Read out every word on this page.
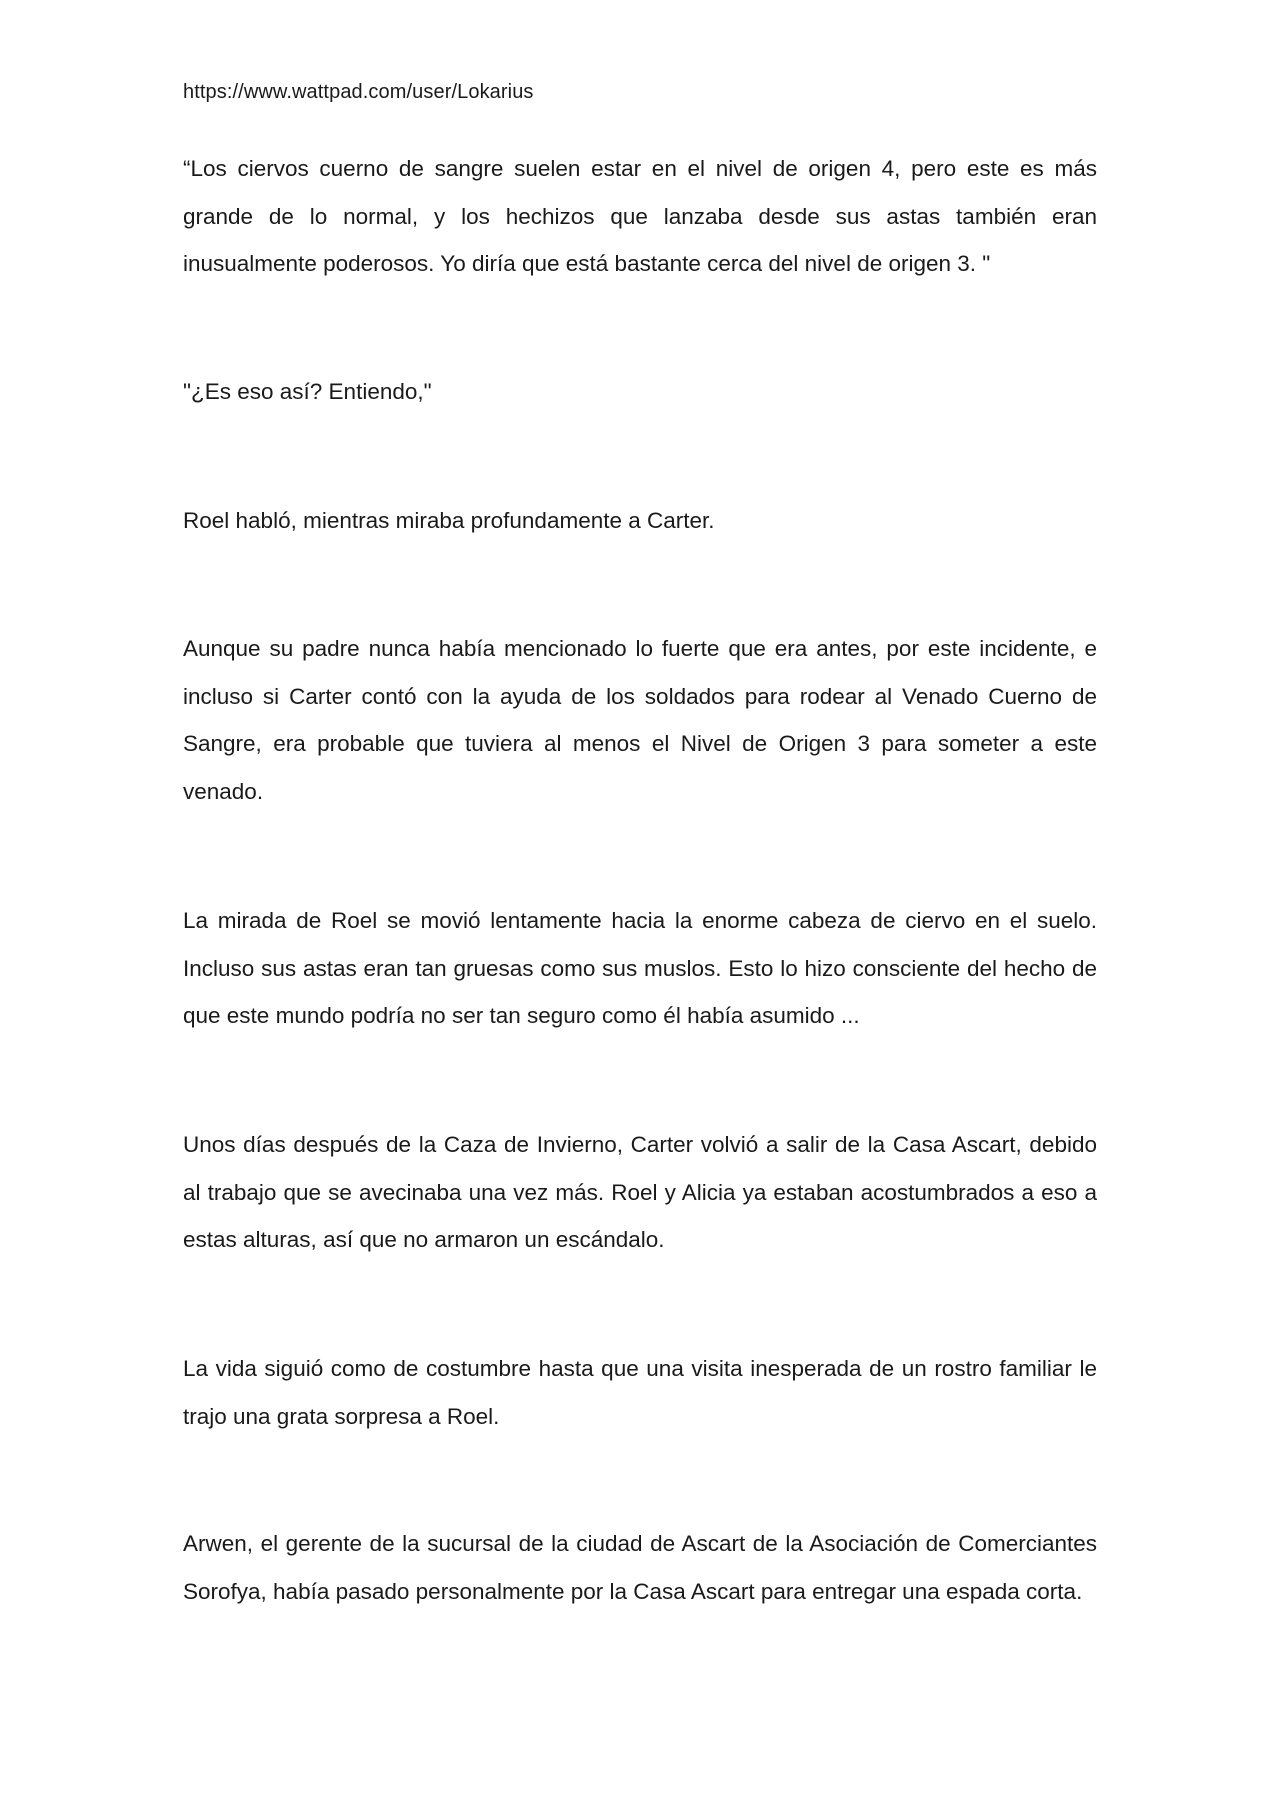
https://www.wattpad.com/user/Lokarius

“Los ciervos cuerno de sangre suelen estar en el nivel de origen 4, pero este es más grande de lo normal, y los hechizos que lanzaba desde sus astas también eran inusualmente poderosos. Yo diría que está bastante cerca del nivel de origen 3. "

"¿Es eso así? Entiendo,"

Roel habló, mientras miraba profundamente a Carter.

Aunque su padre nunca había mencionado lo fuerte que era antes, por este incidente, e incluso si Carter contó con la ayuda de los soldados para rodear al Venado Cuerno de Sangre, era probable que tuviera al menos el Nivel de Origen 3 para someter a este venado.

La mirada de Roel se movió lentamente hacia la enorme cabeza de ciervo en el suelo. Incluso sus astas eran tan gruesas como sus muslos. Esto lo hizo consciente del hecho de que este mundo podría no ser tan seguro como él había asumido ...

Unos días después de la Caza de Invierno, Carter volvió a salir de la Casa Ascart, debido al trabajo que se avecinaba una vez más. Roel y Alicia ya estaban acostumbrados a eso a estas alturas, así que no armaron un escándalo.

La vida siguió como de costumbre hasta que una visita inesperada de un rostro familiar le trajo una grata sorpresa a Roel.

Arwen, el gerente de la sucursal de la ciudad de Ascart de la Asociación de Comerciantes Sorofya, había pasado personalmente por la Casa Ascart para entregar una espada corta.
